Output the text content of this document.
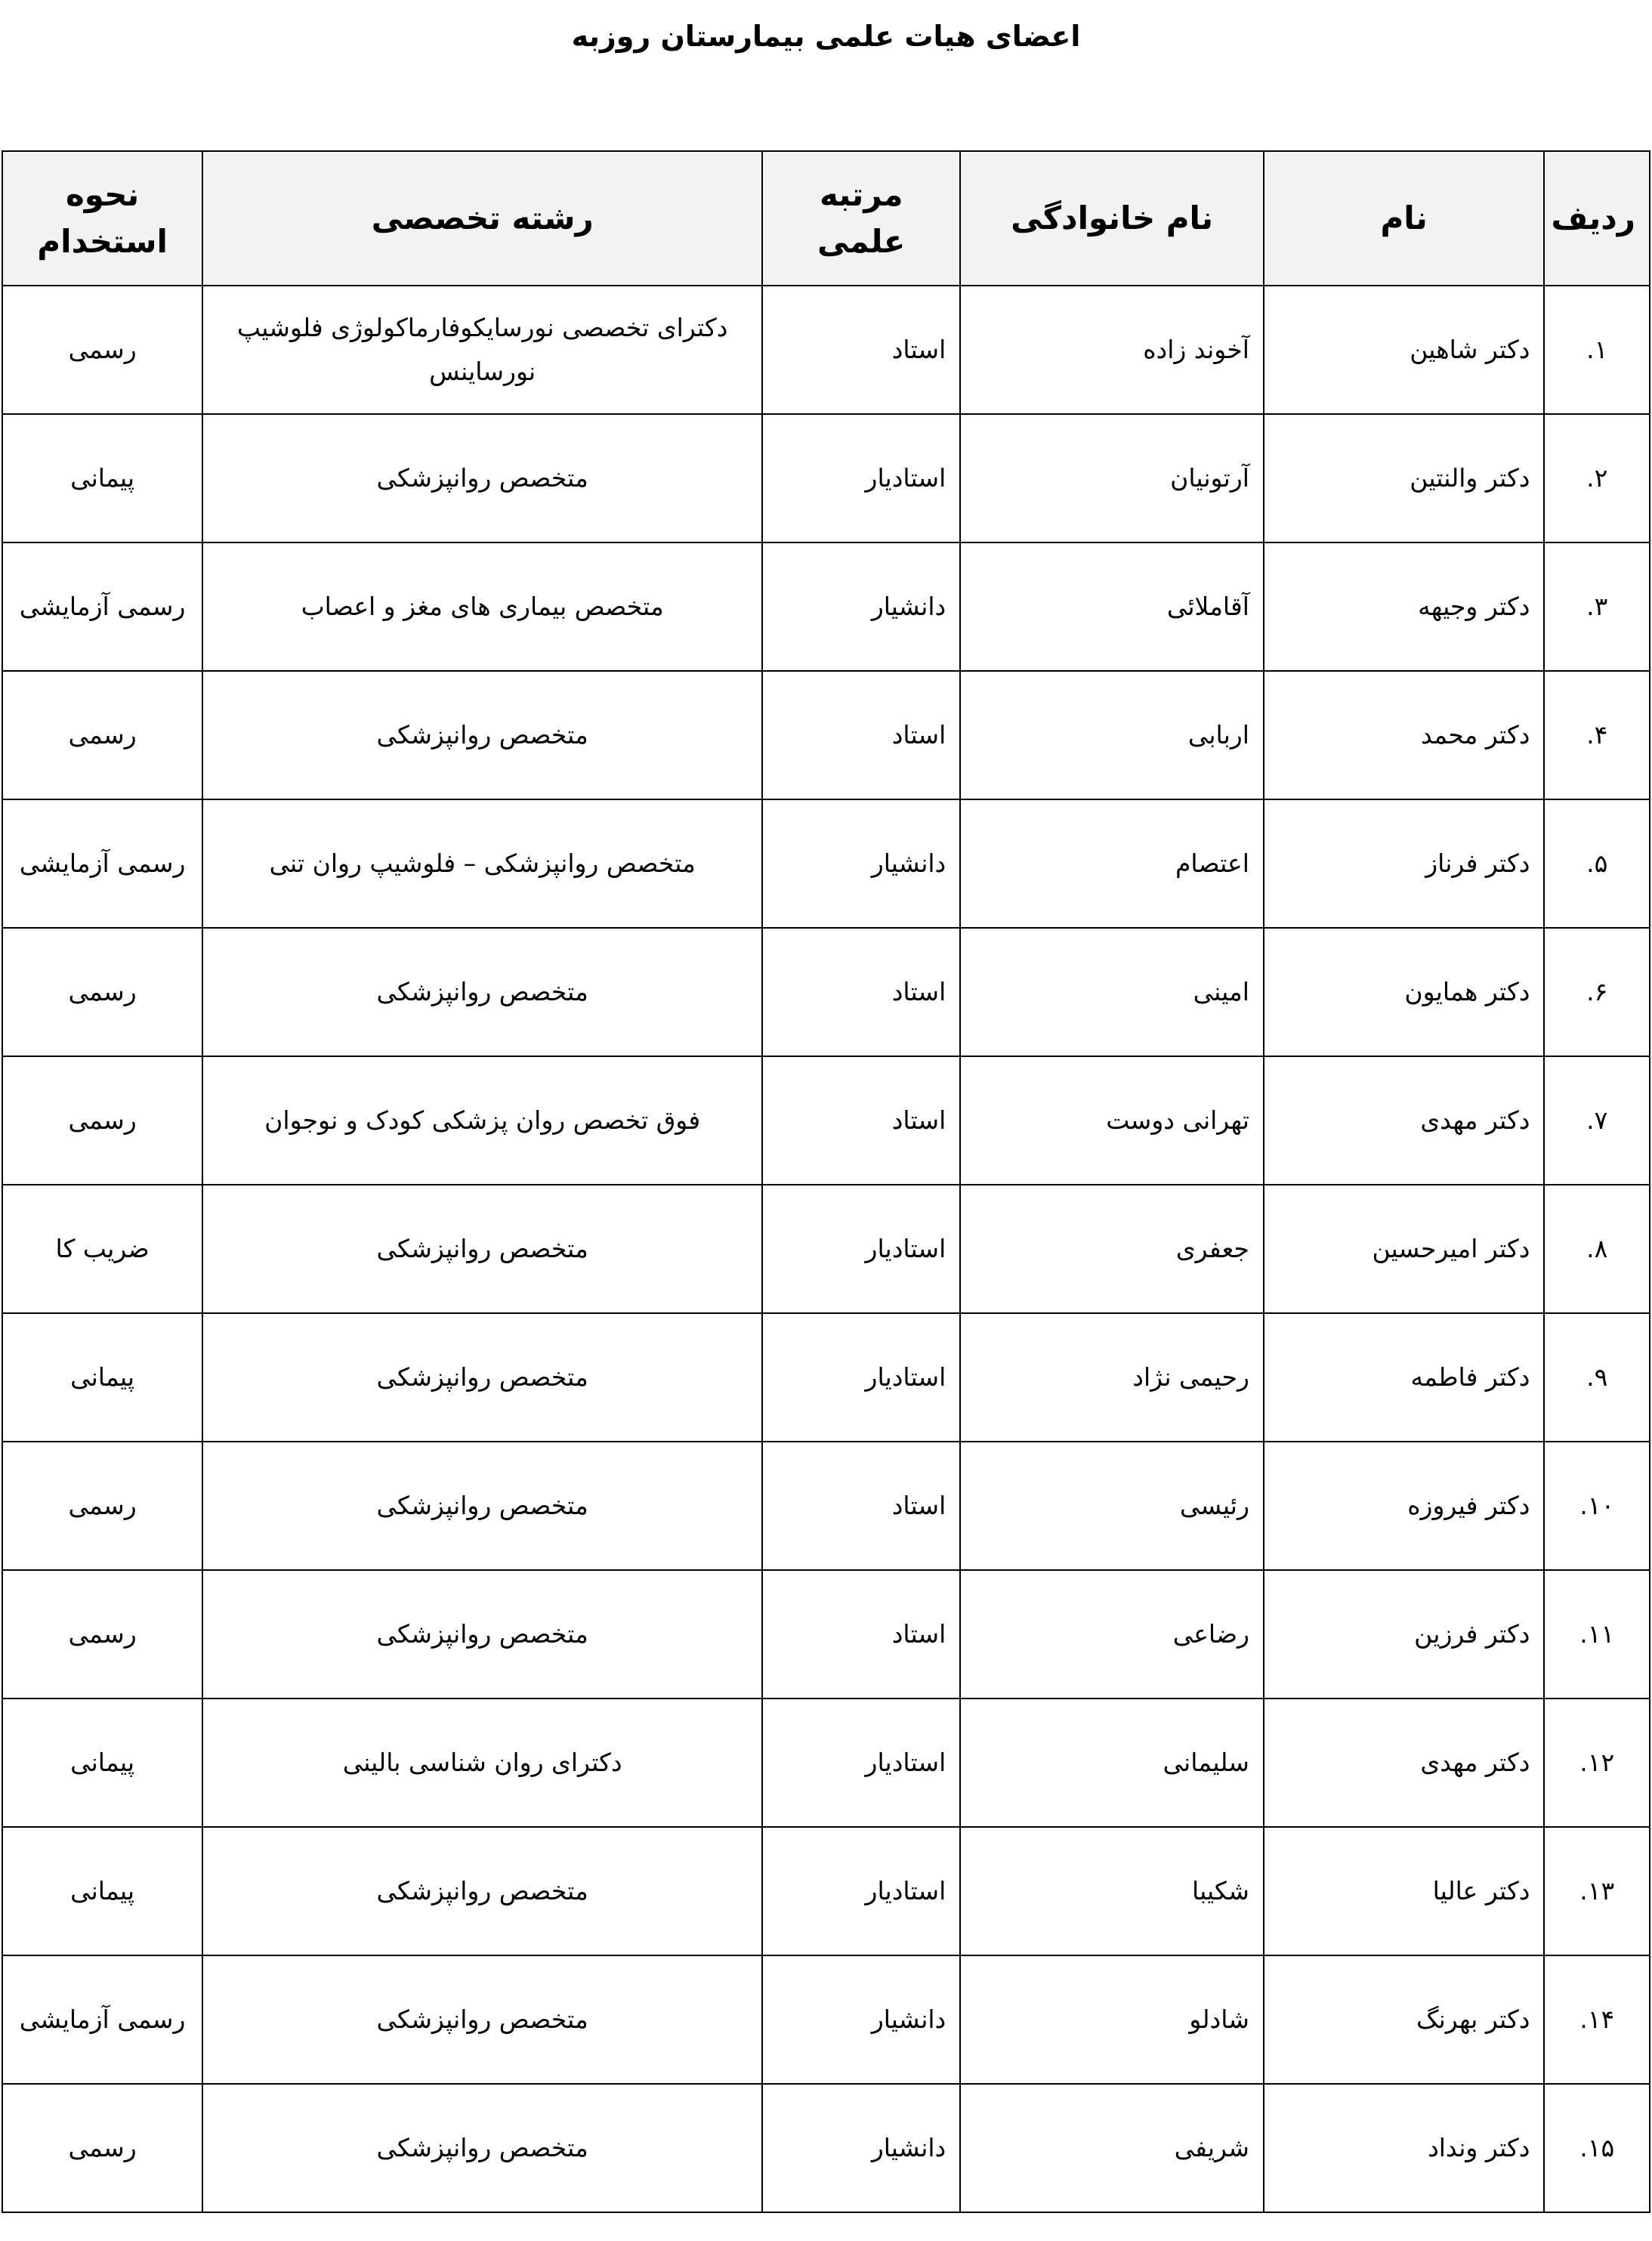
اعضای هیات علمی بیمارستان روزبه
ردیف	نام	نام خانوادگی	مرتبه علمی	رشته تخصصی	نحوه استخدام
۱.	دکتر شاهین	آخوند زاده	استاد	دکترای تخصصی نورسایکوفارماکولوژی فلوشیپ نورساینس	رسمی
۲.	دکتر والنتین	آرتونیان	استادیار	متخصص روانپزشکی	پیمانی
۳.	دکتر وجیهه	آقاملائی	دانشیار	متخصص بیماری های مغز و اعصاب	رسمی آزمایشی
۴.	دکتر محمد	اربابی	استاد	متخصص روانپزشکی	رسمی
۵.	دکتر فرناز	اعتصام	دانشیار	متخصص روانپزشکی – فلوشیپ روان تنی	رسمی آزمایشی
۶.	دکتر همایون	امینی	استاد	متخصص روانپزشکی	رسمی
۷.	دکتر مهدی	تهرانی دوست	استاد	فوق تخصص روان پزشکی کودک و نوجوان	رسمی
۸.	دکتر امیرحسین	جعفری	استادیار	متخصص روانپزشکی	ضریب کا
۹.	دکتر فاطمه	رحیمی نژاد	استادیار	متخصص روانپزشکی	پیمانی
۱۰.	دکتر فیروزه	رئیسی	استاد	متخصص روانپزشکی	رسمی
۱۱.	دکتر فرزین	رضاعی	استاد	متخصص روانپزشکی	رسمی
۱۲.	دکتر مهدی	سلیمانی	استادیار	دکترای روان شناسی بالینی	پیمانی
۱۳.	دکتر عالیا	شکیبا	استادیار	متخصص روانپزشکی	پیمانی
۱۴.	دکتر بهرنگ	شادلو	دانشیار	متخصص روانپزشکی	رسمی آزمایشی
۱۵.	دکتر ونداد	شریفی	دانشیار	متخصص روانپزشکی	رسمی
